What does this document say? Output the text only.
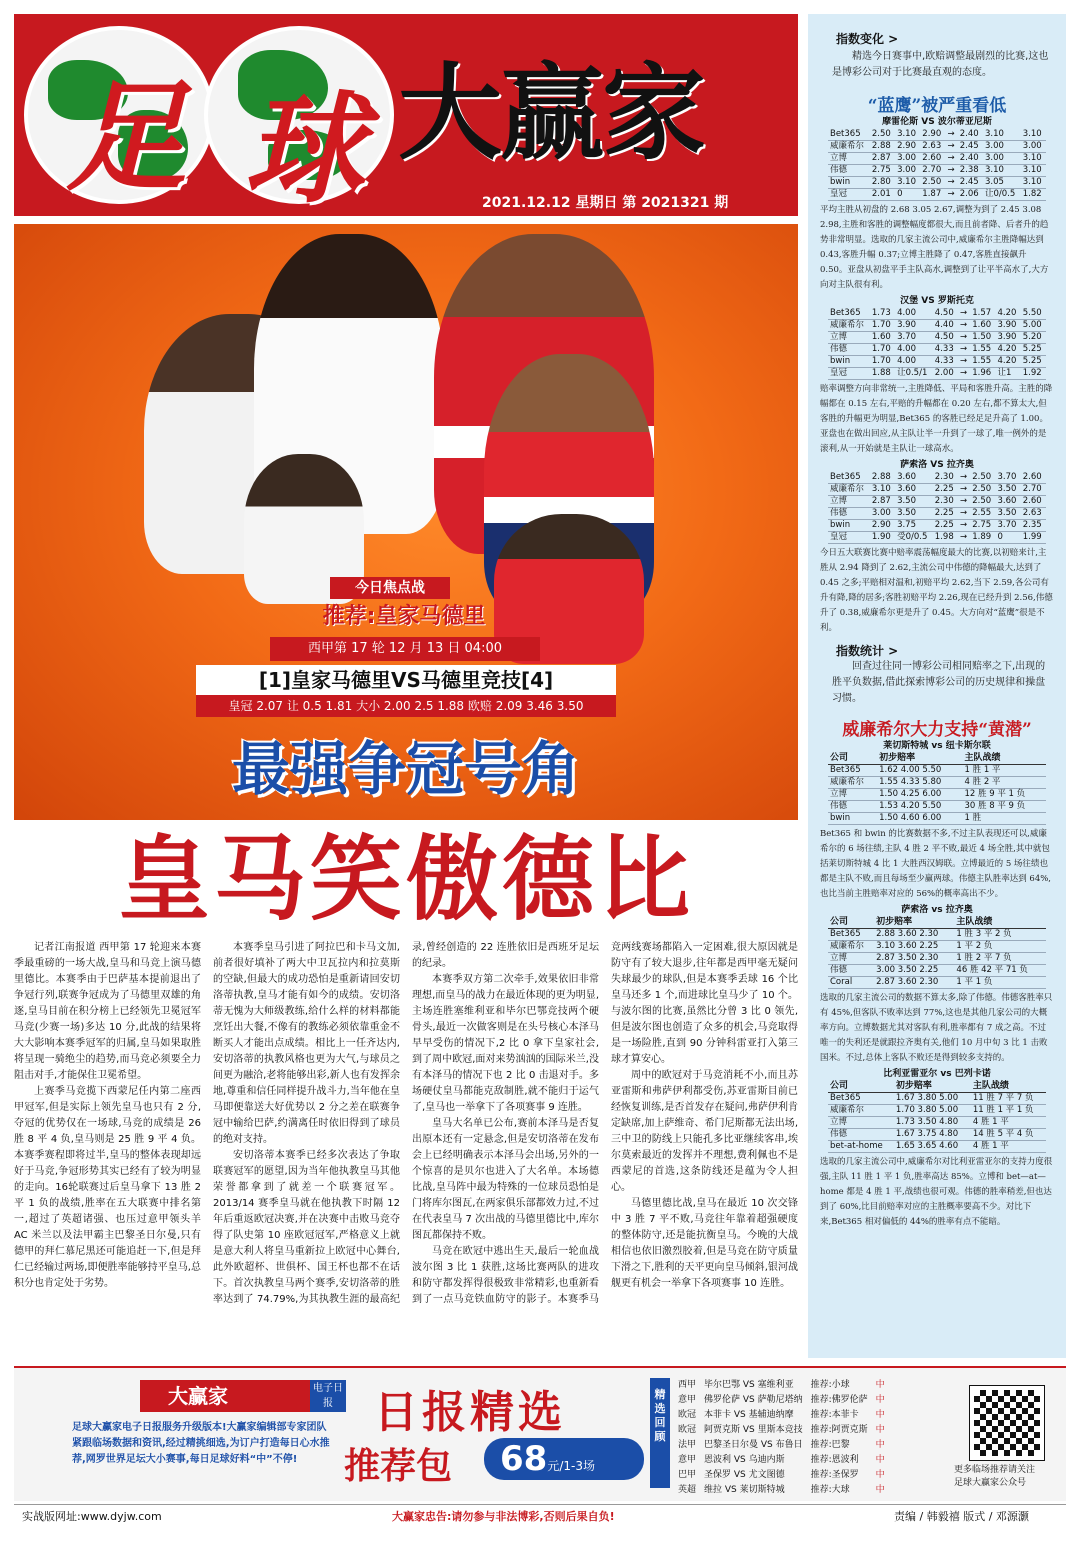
足 球 大赢家
2021.12.12 星期日 第 2021321 期
指数变化 >
精选今日赛事中,欧赔调整最剧烈的比赛,这也是博彩公司对于比赛最直观的态度。
“蓝鹰”被严重看低
摩雷伦斯 VS 波尔蒂亚尼斯
Bet365	2.50	3.10	2.90	→	2.40	3.10	3.10
威廉希尔	2.88	2.90	2.63	→	2.45	3.00	3.00
立博	2.87	3.00	2.60	→	2.40	3.00	3.10
伟德	2.75	3.00	2.70	→	2.38	3.10	3.10
bwin	2.80	3.10	2.50	→	2.45	3.05	3.10
皇冠	2.01	0	1.87	→	2.06	让0/0.5	1.82
平均主胜从初盘的 2.68 3.05 2.67,调整为到了 2.45 3.08 2.98,主胜和客胜的调整幅度都很大,而且前者降、后者升的趋势非常明显。选取的几家主流公司中,威廉希尔主胜降幅达到 0.43,客胜升幅 0.37;立博主胜降了 0.47,客胜直接飙升 0.50。亚盘从初盘平手主队高水,调整到了让平半高水了,大方向对主队很有利。
汉堡 VS 罗斯托克
Bet365	1.73	4.00	4.50	→	1.57	4.20	5.50
威廉希尔	1.70	3.90	4.40	→	1.60	3.90	5.00
立博	1.60	3.70	4.50	→	1.50	3.90	5.20
伟德	1.70	4.00	4.33	→	1.55	4.20	5.25
bwin	1.70	4.00	4.33	→	1.55	4.20	5.25
皇冠	1.88	让0.5/1	2.00	→	1.96	让1	1.92
赔率调整方向非常统一,主胜降低、平局和客胜升高。主胜的降幅都在 0.15 左右,平赔的升幅都在 0.20 左右,都不算太大,但客胜的升幅更为明显,Bet365 的客胜已经足足升高了 1.00。亚盘也在做出回应,从主队让半一升到了一球了,唯一例外的是滚利,从一开始就是主队让一球高水。
萨索洛 VS 拉齐奥
Bet365	2.88	3.60	2.30	→	2.50	3.70	2.60
威廉希尔	3.10	3.60	2.25	→	2.50	3.50	2.70
立博	2.87	3.50	2.30	→	2.50	3.60	2.60
伟德	3.00	3.50	2.25	→	2.55	3.50	2.63
bwin	2.90	3.75	2.25	→	2.75	3.70	2.35
皇冠	1.90	受0/0.5	1.98	→	1.89	0	1.99
今日五大联赛比赛中赔率震荡幅度最大的比赛,以初赔来计,主胜从 2.94 降到了 2.62,主流公司中伟德的降幅最大,达到了 0.45 之多;平赔相对温和,初赔平均 2.62,当下 2.59,各公司有升有降,降的居多;客胜初赔平均 2.26,现在已经升到 2.56,伟德升了 0.38,威廉希尔更是升了 0.45。大方向对“蓝鹰”很是不利。
指数统计 >
回查过往同一博彩公司相同赔率之下,出现的胜平负数据,借此探索博彩公司的历史规律和操盘习惯。
威廉希尔大力支持“黄潜”
莱切斯特城 vs 纽卡斯尔联
公司	初步赔率	主队战绩
Bet365	1.62 4.00 5.50	1 胜 1 平
威廉希尔	1.55 4.33 5.80	4 胜 2 平
立博	1.50 4.25 6.00	12 胜 9 平 1 负
伟德	1.53 4.20 5.50	30 胜 8 平 9 负
bwin	1.50 4.60 6.00	1 胜
Bet365 和 bwin 的比赛数据不多,不过主队表现还可以,威廉希尔的 6 场往绩,主队 4 胜 2 平不败,最近 4 场全胜,其中就包括莱切斯特城 4 比 1 大胜西汉姆联。立博最近的 5 场往绩也都是主队不败,而且每场至少赢两球。伟德主队胜率达到 64%,也比当前主胜赔率对应的 56%的概率高出不少。
萨索洛 vs 拉齐奥
公司	初步赔率	主队战绩
Bet365	2.88 3.60 2.30	1 胜 3 平 2 负
威廉希尔	3.10 3.60 2.25	1 平 2 负
立博	2.87 3.50 2.30	1 胜 2 平 7 负
伟德	3.00 3.50 2.25	46 胜 42 平 71 负
Coral	2.87 3.60 2.30	1 平 1 负
选取的几家主流公司的数据不算太多,除了伟德。伟德客胜率只有 45%,但客队不败率达到 77%,这也是其他几家公司的大概率方向。立博数据尤其对客队有利,胜率都有 7 成之高。不过唯一的失利还是就跟拉齐奥有关,他们 10 月中旬 3 比 1 击败国米。不过,总体上客队不败还是得到较多支持的。
比利亚雷亚尔 vs 巴列卡诺
公司	初步赔率	主队战绩
Bet365	1.67 3.80 5.00	11 胜 7 平 7 负
威廉希尔	1.70 3.80 5.00	11 胜 1 平 1 负
立博	1.73 3.50 4.80	4 胜 1 平
伟德	1.67 3.75 4.80	14 胜 5 平 4 负
bet-at-home	1.65 3.65 4.60	4 胜 1 平
选取的几家主流公司中,威廉希尔对比利亚雷亚尔的支持力度很强,主队 11 胜 1 平 1 负,胜率高达 85%。立博和 bet—at—home 都是 4 胜 1 平,战绩也很可观。伟德的胜率稍差,但也达到了 60%,比目前赔率对应的主胜概率要高不少。对比下来,Bet365 相对偏低的 44%的胜率有点不能暗。
今日焦点战
推荐:皇家马德里
西甲第 17 轮 12 月 13 日 04:00
[1]皇家马德里VS马德里竞技[4]
皇冠 2.07 让 0.5 1.81 大小 2.00 2.5 1.88 欧赔 2.09 3.46 3.50
最强争冠号角
皇马笑傲德比

记者江南报道 西甲第 17 轮迎来本赛季最重磅的一场大战,皇马和马竞上演马德里德比。本赛季由于巴萨基本提前退出了争冠行列,联赛争冠成为了马德里双雄的角逐,皇马目前在积分榜上已经领先卫冕冠军马竞(少赛一场)多达 10 分,此战的结果将大大影响本赛季冠军的归属,皇马如果取胜将呈现一骑绝尘的趋势,而马竞必须要全力阻击对手,才能保住卫冕希望。

上赛季马竞揽下西蒙尼任内第二座西甲冠军,但是实际上领先皇马也只有 2 分,夺冠的优势仅在一场球,马竞的成绩是 26 胜 8 平 4 负,皇马则是 25 胜 9 平 4 负。本赛季赛程即将过半,皇马的整体表现却远好于马竞,争冠形势其实已经有了较为明显的走向。16轮联赛过后皇马拿下 13 胜 2 平 1 负的战绩,胜率在五大联赛中排名第一,超过了英超诸强、也压过意甲领头羊 AC 米兰以及法甲霸主巴黎圣日尔曼,只有德甲的拜仁慕尼黑还可能追赶一下,但是拜仁已经输过两场,即便胜率能够持平皇马,总积分也肯定处于劣势。

本赛季皇马引进了阿拉巴和卡马文加,前者很好填补了两大中卫瓦拉内和拉莫斯的空缺,但最大的成功恐怕是重新请回安切洛蒂执教,皇马才能有如今的成绩。安切洛蒂无愧为大师级教练,给什么样的材料都能烹饪出大餐,不像有的教练必须依靠重金不断买人才能出点成绩。相比上一任齐达内,安切洛蒂的执教风格也更为大气,与球员之间更为融洽,老将能够出彩,新人也有发挥余地,尊重和信任同样提升战斗力,当年他在皇马即便靠送大好优势以 2 分之差在联赛争冠中输给巴萨,约满离任时依旧得到了球员的绝对支持。

安切洛蒂本赛季已经多次表达了争取联赛冠军的愿望,因为当年他执教皇马其他荣誉都拿到了就差一个联赛冠军。2013/14 赛季皇马就在他执教下时隔 12 年后重返欧冠决赛,并在决赛中击败马竞夺得了队史第 10 座欧冠冠军,严格意义上就是意大利人将皇马重新拉上欧冠中心舞台,此外欧超杯、世俱杯、国王杯也都不在话下。首次执教皇马两个赛季,安切洛蒂的胜率达到了 74.79%,为其执教生涯的最高纪录,曾经创造的 22 连胜依旧是西班牙足坛的纪录。

本赛季双方第二次牵手,效果依旧非常理想,而皇马的战力在最近体现的更为明显,主场连胜塞维利亚和毕尔巴鄂竞技两个硬骨头,最近一次做客则是在头号核心本泽马早早受伤的情况下,2 比 0 拿下皇家社会,到了周中欧冠,面对来势汹汹的国际米兰,没有本泽马的情况下也 2 比 0 击退对手。多场硬仗皇马都能克敌制胜,就不能归于运气了,皇马也一举拿下了各项赛事 9 连胜。

皇马大名单已公布,赛前本泽马是否复出原本还有一定悬念,但是安切洛蒂在发布会上已经明确表示本泽马会出场,另外的一个惊喜的是贝尔也进入了大名单。本场德比战,皇马阵中最为特殊的一位球员恐怕是门将库尔图瓦,在两家俱乐部都效力过,不过在代表皇马 7 次出战的马德里德比中,库尔图瓦都保持不败。

马竞在欧冠中逃出生天,最后一轮血战波尔图 3 比 1 获胜,这场比赛两队的进攻和防守都发挥得很极致非常精彩,也重新看到了一点马竞铁血防守的影子。本赛季马竞两线赛场都陷入一定困难,很大原因就是防守有了较大退步,往年都是西甲毫无疑问失球最少的球队,但是本赛季丢球 16 个比皇马还多 1 个,而进球比皇马少了 10 个。与波尔图的比赛,虽然比分曾 3 比 0 领先,但是波尔图也创造了众多的机会,马竞取得是一场险胜,直到 90 分钟科雷亚打入第三球才算安心。

周中的欧冠对于马竞消耗不小,而且苏亚雷斯和弗萨伊利都受伤,苏亚雷斯目前已经恢复训练,是否首发存在疑问,弗萨伊利肯定缺席,加上萨维奇、希门尼斯都无法出场,三中卫的防线上只能孔多比亚继续客串,埃尔莫索最近的发挥并不理想,费利佩也不是西蒙尼的首选,这条防线还是蕴为令人担心。

马德里德比战,皇马在最近 10 次交锋中 3 胜 7 平不败,马竞往年靠着超强硬度的整体防守,还是能抗衡皇马。今晚的大战相信也依旧激烈胶着,但是马竞在防守质量下滑之下,胜利的天平更向皇马倾斜,银河战舰更有机会一举拿下各项赛事 10 连胜。

大赢家	电子日报
足球大赢家电子日报服务升级版本!大赢家编辑部专家团队紧跟临场数据和资讯,经过精挑细选,为订户打造每日心水推荐,网罗世界足坛大小赛事,每日足球好料“中”不停!
日报精选
推荐包	68元/1-3场
精选回顾
西甲	毕尔巴鄂 VS 塞维利亚	推荐:小球	中
意甲	佛罗伦萨 VS 萨勒尼塔纳	推荐:佛罗伦萨	中
欧冠	本菲卡 VS 基辅迪纳摩	推荐:本菲卡	中
欧冠	阿贾克斯 VS 里斯本竞技	推荐:阿贾克斯	中
法甲	巴黎圣日尔曼 VS 布鲁日	推荐:巴黎	中
意甲	恩波利 VS 乌迪内斯	推荐:恩波利	中
巴甲	圣保罗 VS 尤文图德	推荐:圣保罗	中
英超	维拉 VS 莱切斯特城	推荐:大球	中
更多临场推荐请关注
足球大赢家公众号
实战版网址:www.dyjw.com	大赢家忠告:请勿参与非法博彩,否则后果自负!	责编 / 韩毅禧 版式 / 邓源灏
